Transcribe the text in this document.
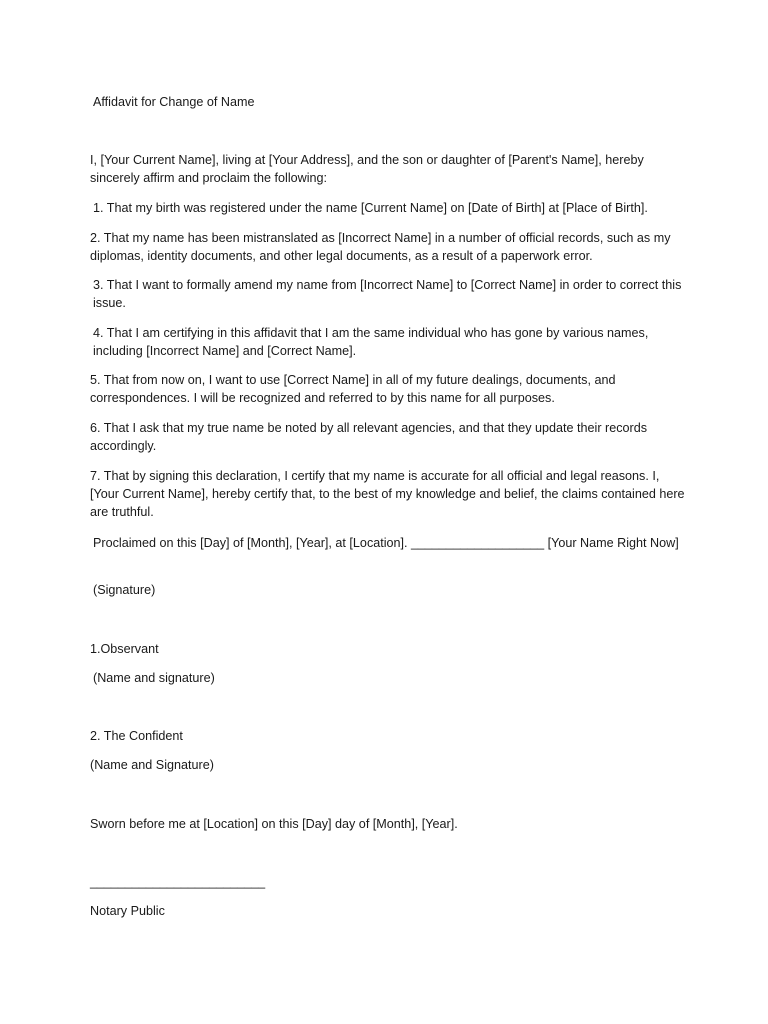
Affidavit for Change of Name

I, [Your Current Name], living at [Your Address], and the son or daughter of [Parent's Name], hereby sincerely affirm and proclaim the following:

1. That my birth was registered under the name [Current Name] on [Date of Birth] at [Place of Birth].

2. That my name has been mistranslated as [Incorrect Name] in a number of official records, such as my diplomas, identity documents, and other legal documents, as a result of a paperwork error.

3. That I want to formally amend my name from [Incorrect Name] to [Correct Name] in order to correct this issue.

4. That I am certifying in this affidavit that I am the same individual who has gone by various names, including [Incorrect Name] and [Correct Name].

5. That from now on, I want to use [Correct Name] in all of my future dealings, documents, and correspondences. I will be recognized and referred to by this name for all purposes.

6. That I ask that my true name be noted by all relevant agencies, and that they update their records accordingly.

7. That by signing this declaration, I certify that my name is accurate for all official and legal reasons. I, [Your Current Name], hereby certify that, to the best of my knowledge and belief, the claims contained here are truthful.

Proclaimed on this [Day] of [Month], [Year], at [Location]. ___________________ [Your Name Right Now]

(Signature)

1.Observant

(Name and signature)

2. The Confident

(Name and Signature)

Sworn before me at [Location] on this [Day] day of [Month], [Year].

_________________________

Notary Public
